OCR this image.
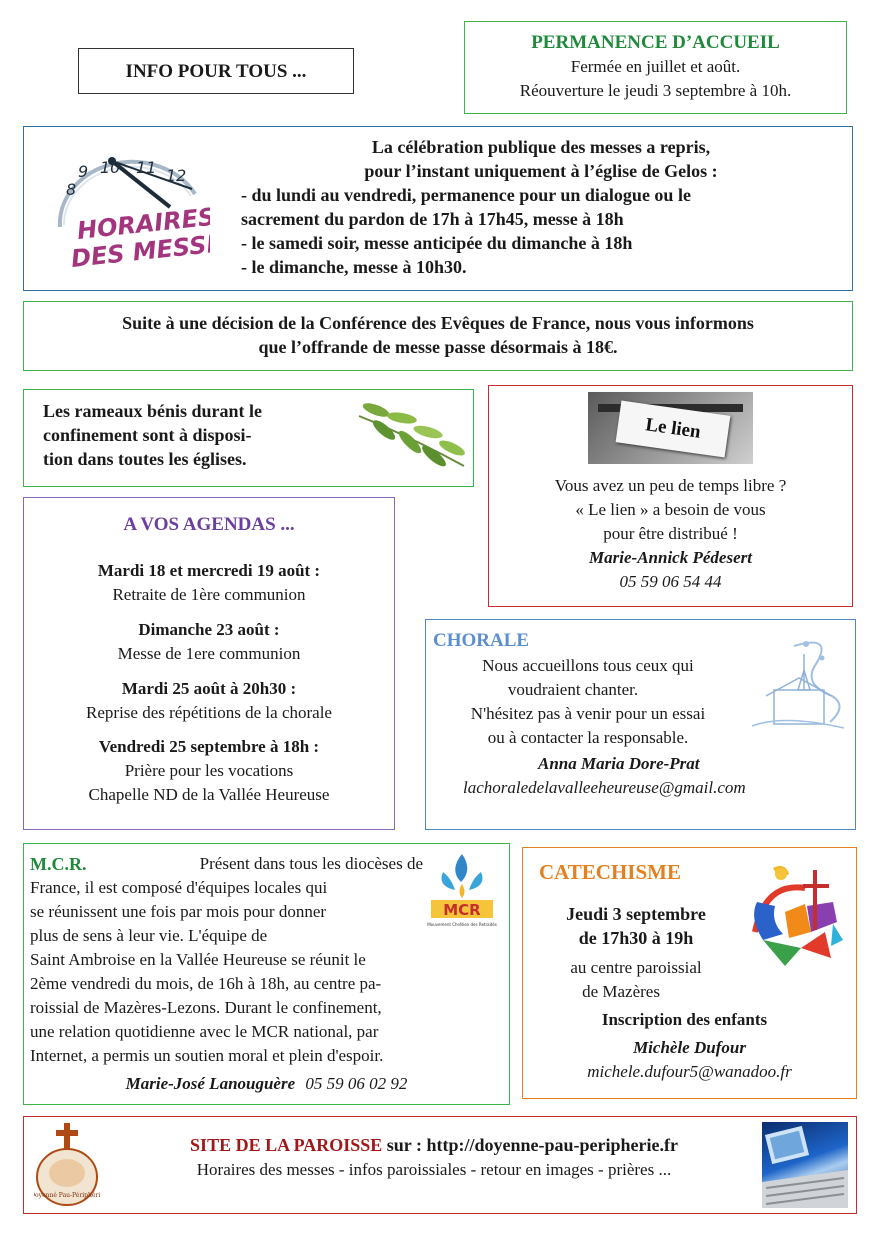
INFO POUR TOUS ...
PERMANENCE D’ACCUEIL
Fermée en juillet et août.
Réouverture le jeudi 3 septembre à 10h.
8
9 10 11 12
HORAIRES
DES MESSES
La célébration publique des messes a repris,
pour l’instant uniquement à l’église de Gelos :
- du lundi au vendredi, permanence pour un dialogue ou le
sacrement du pardon de 17h à 17h45, messe à 18h
- le samedi soir, messe anticipée du dimanche à 18h
- le dimanche, messe à 10h30.
Suite à une décision de la Conférence des Evêques de France, nous vous informons
que l’offrande de messe passe désormais à 18€.
Les rameaux bénis durant le
confinement sont à disposi-
tion dans toutes les églises.
Le lien
Vous avez un peu de temps libre ?
« Le lien » a besoin de vous
pour être distribué !
Marie-Annick Pédesert
05 59 06 54 44
A VOS AGENDAS ...
Mardi 18 et mercredi 19 août :
Retraite de 1ère communion
Dimanche 23 août :
Messe de 1ere communion
Mardi 25 août à 20h30 :
Reprise des répétitions de la chorale
Vendredi 25 septembre à 18h :
Prière pour les vocations
Chapelle ND de la Vallée Heureuse
CHORALE
Nous accueillons tous ceux qui
voudraient chanter.
N'hésitez pas à venir pour un essai
ou à contacter la responsable.
Anna Maria Dore-Prat
lachoraledelavalleeheureuse@gmail.com
M.C.R.	Présent dans tous les diocèses de
France, il est composé d'équipes locales qui
se réunissent une fois par mois pour donner
plus de sens à leur vie. L'équipe de
Saint Ambroise en la Vallée Heureuse se réunit le
2ème vendredi du mois, de 16h à 18h, au centre pa-
roissial de Mazères-Lezons. Durant le confinement,
une relation quotidienne avec le MCR national, par
Internet, a permis un soutien moral et plein d'espoir.
Marie-José Lanouguère 05 59 06 02 92
MCR
Mouvement Chrétien des Retraités
CATECHISME
Jeudi 3 septembre
de 17h30 à 19h
au centre paroissial
de Mazères
Inscription des enfants
Michèle Dufour
michele.dufour5@wanadoo.fr
oyenné Pau-Périphérie
SITE DE LA PAROISSE sur : http://doyenne-pau-peripherie.fr
Horaires des messes - infos paroissiales - retour en images - prières ...
